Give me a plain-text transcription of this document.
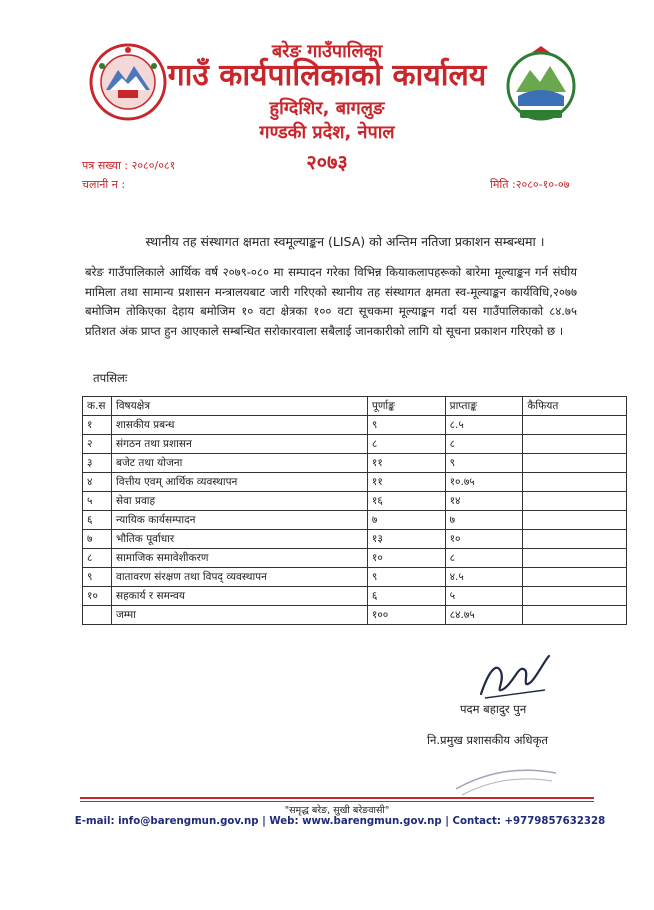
बरेङ गाउँपालिका
गाउँ कार्यपालिकाको कार्यालय
हुग्दिशिर, बागलुङ
गण्डकी प्रदेश, नेपाल
२०७३
पत्र सख्या : २०८०/०८१
चलानी न :	मिति :२०८०-१०-०७
स्थानीय तह संस्थागत क्षमता स्वमूल्याङ्कन (LISA) को अन्तिम नतिजा प्रकाशन सम्बन्धमा ।
बरेङ गाउँपालिकाले आर्थिक वर्ष २०७९-०८० मा सम्पादन गरेका विभिन्न कियाकलापहरूको बारेमा मूल्याङ्कन गर्न संघीय मामिला तथा सामान्य प्रशासन मन्त्रालयबाट जारी गरिएको स्थानीय तह संस्थागत क्षमता स्व-मूल्याङ्कन कार्यविधि,२०७७ बमोजिम तोकिएका देहाय बमोजिम १० वटा क्षेत्रका १०० वटा सूचकमा मूल्याङ्कन गर्दा यस गाउँपालिकाको ८४.७५ प्रतिशत अंक प्राप्त हुन आएकाले सम्बन्धित सरोकारवाला सबैलाई जानकारीको लागि यो सूचना प्रकाशन गरिएको छ ।
तपसिलः
क.स	विषयक्षेत्र	पूर्णाङ्क	प्राप्ताङ्क	कैफियत
१	शासकीय प्रबन्ध	९	८.५	
२	संगठन तथा प्रशासन	८	८	
३	बजेट तथा योजना	११	९	
४	वित्तीय एवम् आर्थिक व्यवस्थापन	११	१०.७५	
५	सेवा प्रवाह	१६	१४	
६	न्यायिक कार्यसम्पादन	७	७	
७	भौतिक पूर्वाधार	१३	१०	
८	सामाजिक समावेशीकरण	१०	८	
९	वातावरण संरक्षण तथा विपद् व्यवस्थापन	९	४.५	
१०	सहकार्य र समन्वय	६	५	
	जम्मा	१००	८४.७५	
पदम बहादुर पुन
नि.प्रमुख प्रशासकीय अधिकृत
"समृद्ध बरेङ, सुखी बरेङवासी"
E-mail: info@barengmun.gov.np | Web: www.barengmun.gov.np | Contact: +9779857632328
